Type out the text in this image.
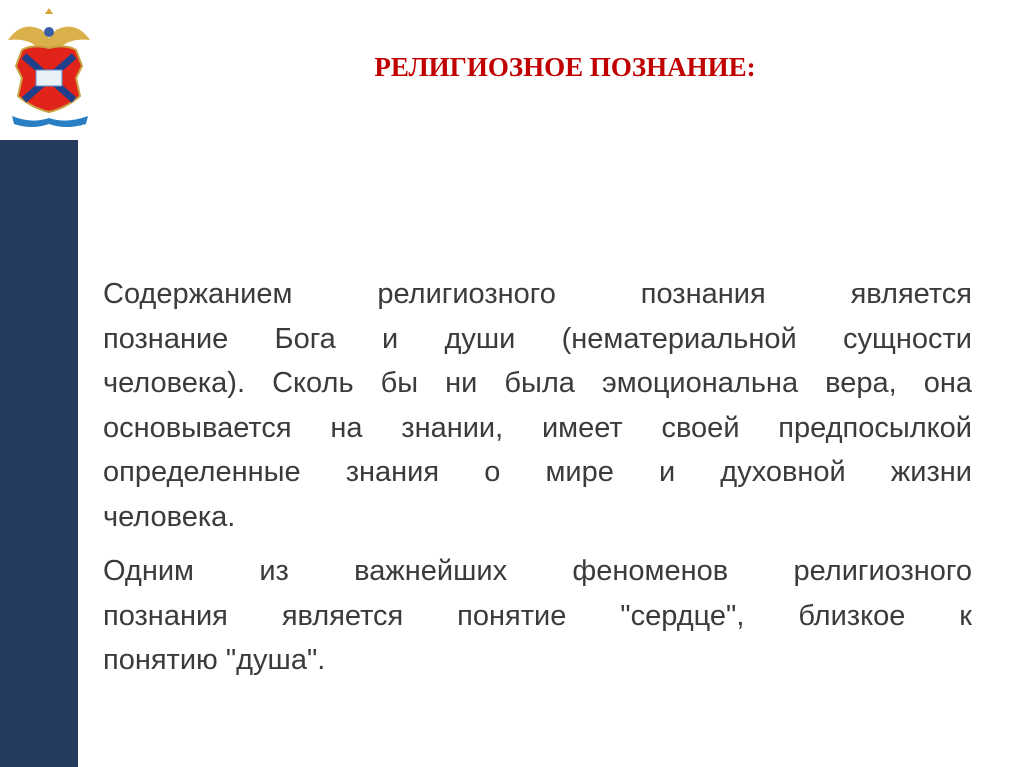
РЕЛИГИОЗНОЕ ПОЗНАНИЕ:
Содержанием религиозного познания является
познание Бога и души (нематериальной сущности
человека). Сколь бы ни была эмоциональна вера, она
основывается на знании, имеет своей предпосылкой
определенные знания о мире и духовной жизни
человека.
Одним из важнейших феноменов религиозного
познания является понятие "сердце", близкое к
понятию "душа".
